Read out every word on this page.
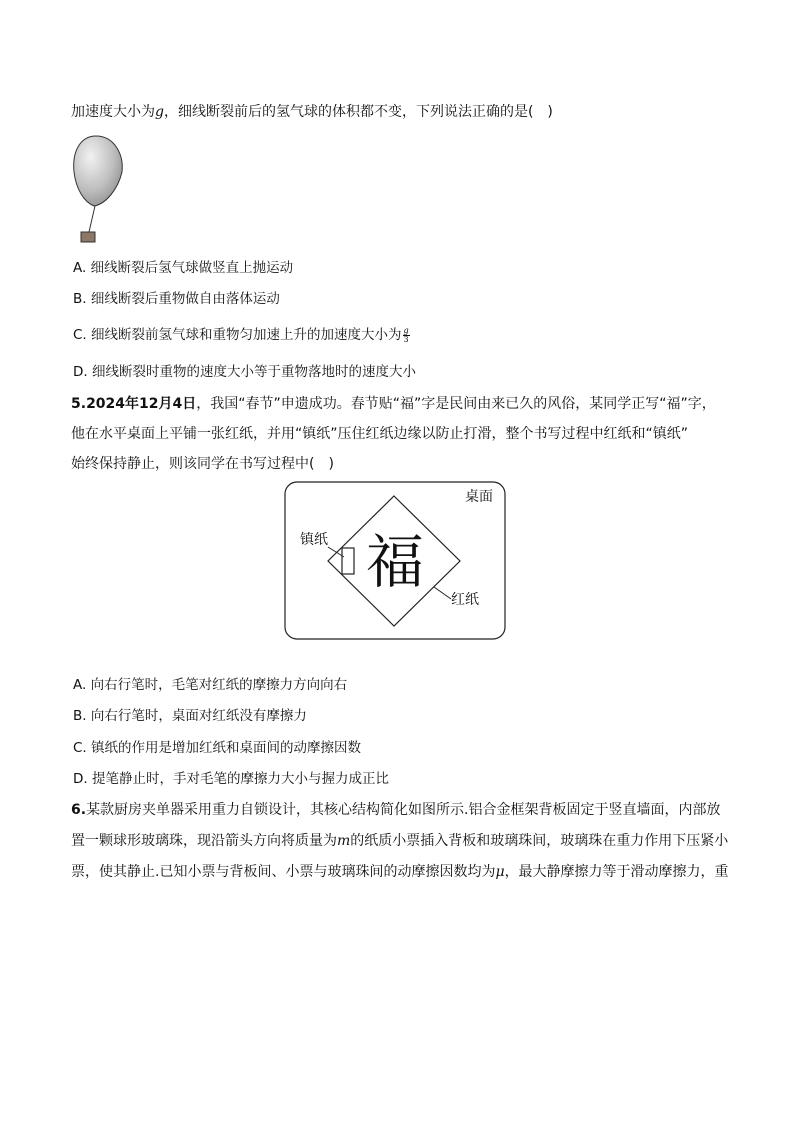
加速度大小为g，细线断裂前后的氢气球的体积都不变，下列说法正确的是(　)
A. 细线断裂后氢气球做竖直上抛运动
B. 细线断裂后重物做自由落体运动
C. 细线断裂前氢气球和重物匀加速上升的加速度大小为 $\frac{g}{3}$
D. 细线断裂时重物的速度大小等于重物落地时的速度大小
5.2024年12月4日，我国“春节”申遗成功。春节贴“福”字是民间由来已久的风俗，某同学正写“福”字，
他在水平桌面上平铺一张红纸，并用“镇纸”压住红纸边缘以防止打滑，整个书写过程中红纸和“镇纸”
始终保持静止，则该同学在书写过程中(　)
福
桌面
镇纸
红纸
A. 向右行笔时，毛笔对红纸的摩擦力方向向右
B. 向右行笔时，桌面对红纸没有摩擦力
C. 镇纸的作用是增加红纸和桌面间的动摩擦因数
D. 提笔静止时，手对毛笔的摩擦力大小与握力成正比
6.某款厨房夹单器采用重力自锁设计，其核心结构简化如图所示.铝合金框架背板固定于竖直墙面，内部放
置一颗球形玻璃珠，现沿箭头方向将质量为m的纸质小票插入背板和玻璃珠间，玻璃珠在重力作用下压紧小
票，使其静止.已知小票与背板间、小票与玻璃珠间的动摩擦因数均为μ，最大静摩擦力等于滑动摩擦力，重
